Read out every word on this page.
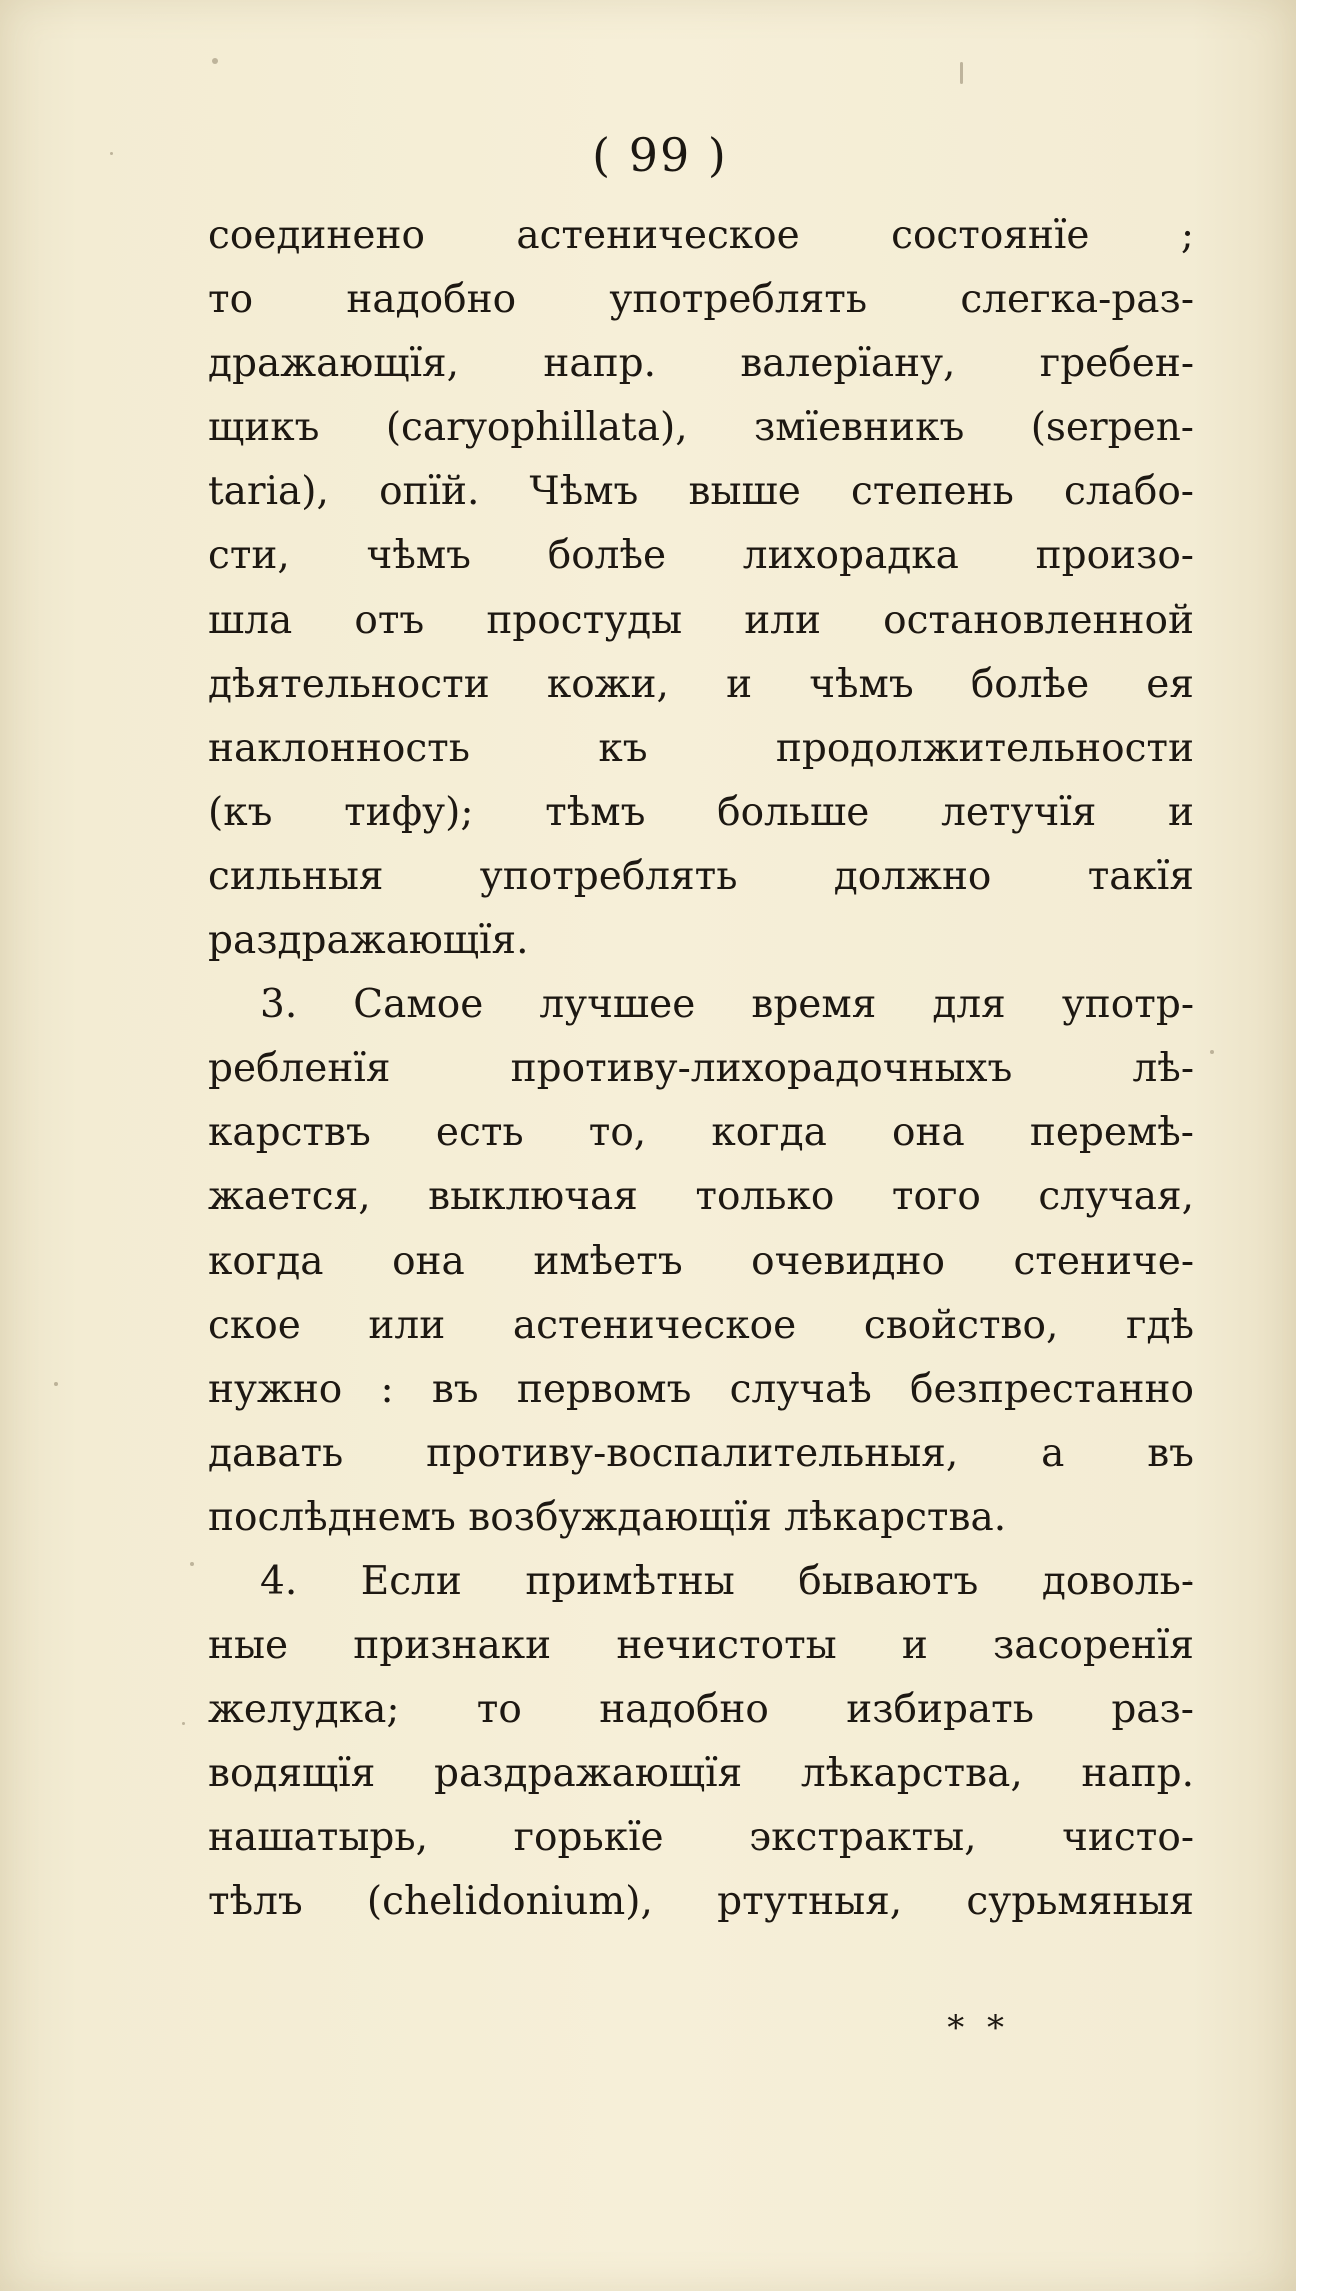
( 99 )
соединено астеническое состоянїе ;
то надобно употреблять слегка-раз-
дражающїя, напр. валерїану, гребен-
щикъ (caryophillata), змїевникъ (serpen-
taria), опїй. Чѣмъ выше степень слабо-
сти, чѣмъ болѣе лихорадка произо-
шла отъ простуды или остановленной
дѣятельности кожи, и чѣмъ болѣе ея
наклонность къ продолжительности
(къ тифу); тѣмъ больше летучїя и
сильныя употреблять должно такїя
раздражающїя.
3. Самое лучшее время для употр-
ребленїя противу-лихорадочныхъ лѣ-
карствъ есть то, когда она перемѣ-
жается, выключая только того случая,
когда она имѣетъ очевидно стениче-
ское или астеническое свойство, гдѣ
нужно : въ первомъ случаѣ безпрестанно
давать противу-воспалительныя, а въ
послѣднемъ возбуждающїя лѣкарства.
4. Если примѣтны бываютъ доволь-
ные признаки нечистоты и засоренїя
желудка; то надобно избирать раз-
водящїя раздражающїя лѣкарства, напр.
нашатырь, горькїе экстракты, чисто-
тѣлъ (chelidonium), ртутныя, сурьмяныя
* *
